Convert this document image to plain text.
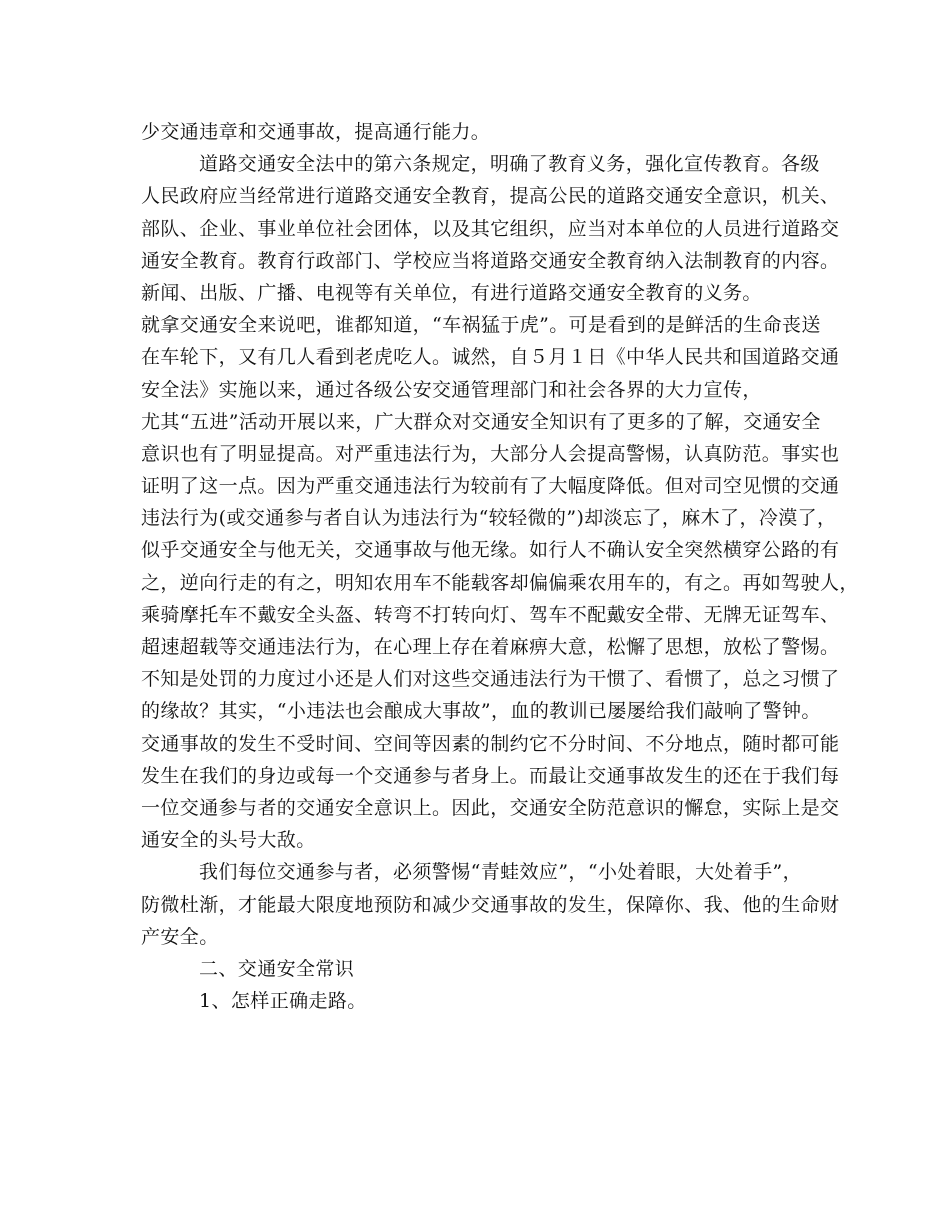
少交通违章和交通事故，提高通行能力。
道路交通安全法中的第六条规定，明确了教育义务，强化宣传教育。各级
人民政府应当经常进行道路交通安全教育，提高公民的道路交通安全意识，机关、
部队、企业、事业单位社会团体，以及其它组织，应当对本单位的人员进行道路交
通安全教育。教育行政部门、学校应当将道路交通安全教育纳入法制教育的内容。
新闻、出版、广播、电视等有关单位，有进行道路交通安全教育的义务。
就拿交通安全来说吧，谁都知道，“车祸猛于虎”。可是看到的是鲜活的生命丧送
在车轮下，又有几人看到老虎吃人。诚然，自５月１日《中华人民共和国道路交通
安全法》实施以来，通过各级公安交通管理部门和社会各界的大力宣传，
尤其“五进”活动开展以来，广大群众对交通安全知识有了更多的了解，交通安全
意识也有了明显提高。对严重违法行为，大部分人会提高警惕，认真防范。事实也
证明了这一点。因为严重交通违法行为较前有了大幅度降低。但对司空见惯的交通
违法行为(或交通参与者自认为违法行为“较轻微的”)却淡忘了，麻木了，冷漠了，
似乎交通安全与他无关，交通事故与他无缘。如行人不确认安全突然横穿公路的有
之，逆向行走的有之，明知农用车不能载客却偏偏乘农用车的，有之。再如驾驶人，
乘骑摩托车不戴安全头盔、转弯不打转向灯、驾车不配戴安全带、无牌无证驾车、
超速超载等交通违法行为，在心理上存在着麻痹大意，松懈了思想，放松了警惕。
不知是处罚的力度过小还是人们对这些交通违法行为干惯了、看惯了，总之习惯了
的缘故？其实，“小违法也会酿成大事故”，血的教训已屡屡给我们敲响了警钟。
交通事故的发生不受时间、空间等因素的制约它不分时间、不分地点，随时都可能
发生在我们的身边或每一个交通参与者身上。而最让交通事故发生的还在于我们每
一位交通参与者的交通安全意识上。因此，交通安全防范意识的懈怠，实际上是交
通安全的头号大敌。
我们每位交通参与者，必须警惕“青蛙效应”，“小处着眼，大处着手”，
防微杜渐，才能最大限度地预防和减少交通事故的发生，保障你、我、他的生命财
产安全。
二、交通安全常识
1、怎样正确走路。
